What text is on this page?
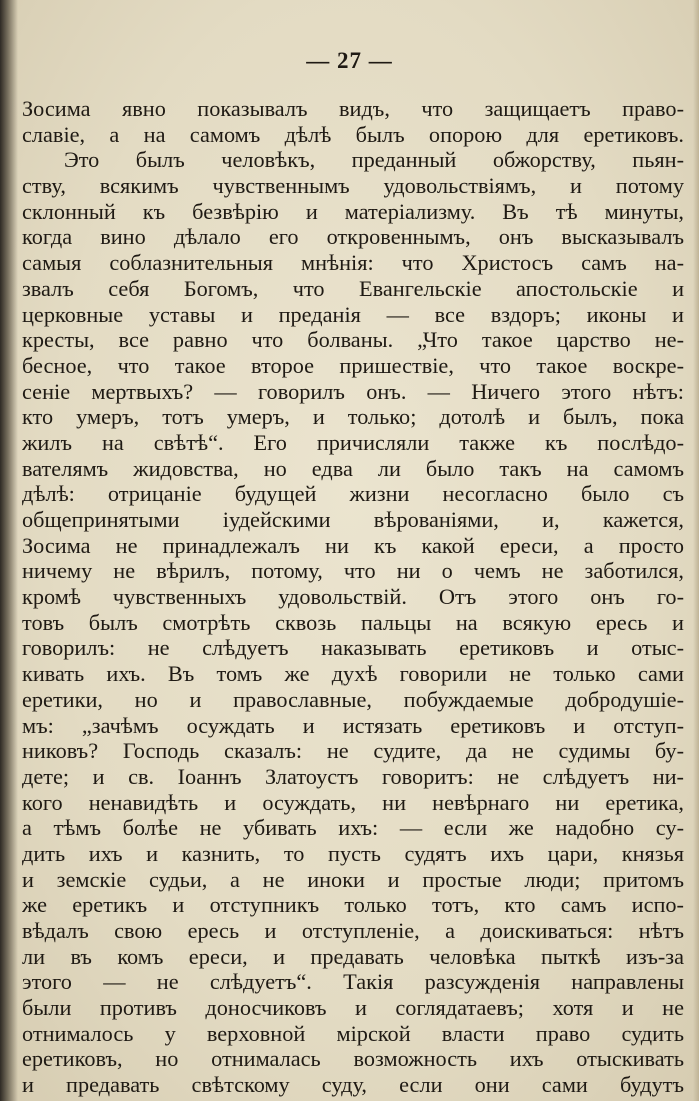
— 27 —
Зосима явно показывалъ видъ, что защищаетъ право-
славіе, а на самомъ дѣлѣ былъ опорою для еретиковъ.
Это былъ человѣкъ, преданный обжорству, пьян-
ству, всякимъ чувственнымъ удовольствіямъ, и потому
склонный къ безвѣрію и матеріализму. Въ тѣ минуты,
когда вино дѣлало его откровеннымъ, онъ высказывалъ
самыя соблазнительныя мнѣнія: что Христосъ самъ на-
звалъ себя Богомъ, что Евангельскіе апостольскіе и
церковные уставы и преданія — все вздоръ; иконы и
кресты, все равно что болваны. „Что такое царство не-
бесное, что такое второе пришествіе, что такое воскре-
сеніе мертвыхъ? — говорилъ онъ. — Ничего этого нѣтъ:
кто умеръ, тотъ умеръ, и только; дотолѣ и былъ, пока
жилъ на свѣтѣ“. Его причисляли также къ послѣдо-
вателямъ жидовства, но едва ли было такъ на самомъ
дѣлѣ: отрицаніе будущей жизни несогласно было съ
общепринятыми іудейскими вѣрованіями, и, кажется,
Зосима не принадлежалъ ни къ какой ереси, а просто
ничему не вѣрилъ, потому, что ни о чемъ не заботился,
кромѣ чувственныхъ удовольствій. Отъ этого онъ го-
товъ былъ смотрѣть сквозь пальцы на всякую ересь и
говорилъ: не слѣдуетъ наказывать еретиковъ и отыс-
кивать ихъ. Въ томъ же духѣ говорили не только сами
еретики, но и православные, побуждаемые добродушіе-
мъ: „зачѣмъ осуждать и истязать еретиковъ и отступ-
никовъ? Господь сказалъ: не судите, да не судимы бу-
дете; и св. Іоаннъ Златоустъ говоритъ: не слѣдуетъ ни-
кого ненавидѣть и осуждать, ни невѣрнаго ни еретика,
а тѣмъ болѣе не убивать ихъ: — если же надобно су-
дить ихъ и казнить, то пусть судятъ ихъ цари, князья
и земскіе судьи, а не иноки и простые люди; притомъ
же еретикъ и отступникъ только тотъ, кто самъ испо-
вѣдалъ свою ересь и отступленіе, а доискиваться: нѣтъ
ли въ комъ ереси, и предавать человѣка пыткѣ изъ-за
этого — не слѣдуетъ“. Такія разсужденія направлены
были противъ доносчиковъ и соглядатаевъ; хотя и не
отнималось у верховной мірской власти право судить
еретиковъ, но отнималась возможность ихъ отыскивать
и предавать свѣтскому суду, если они сами будутъ
